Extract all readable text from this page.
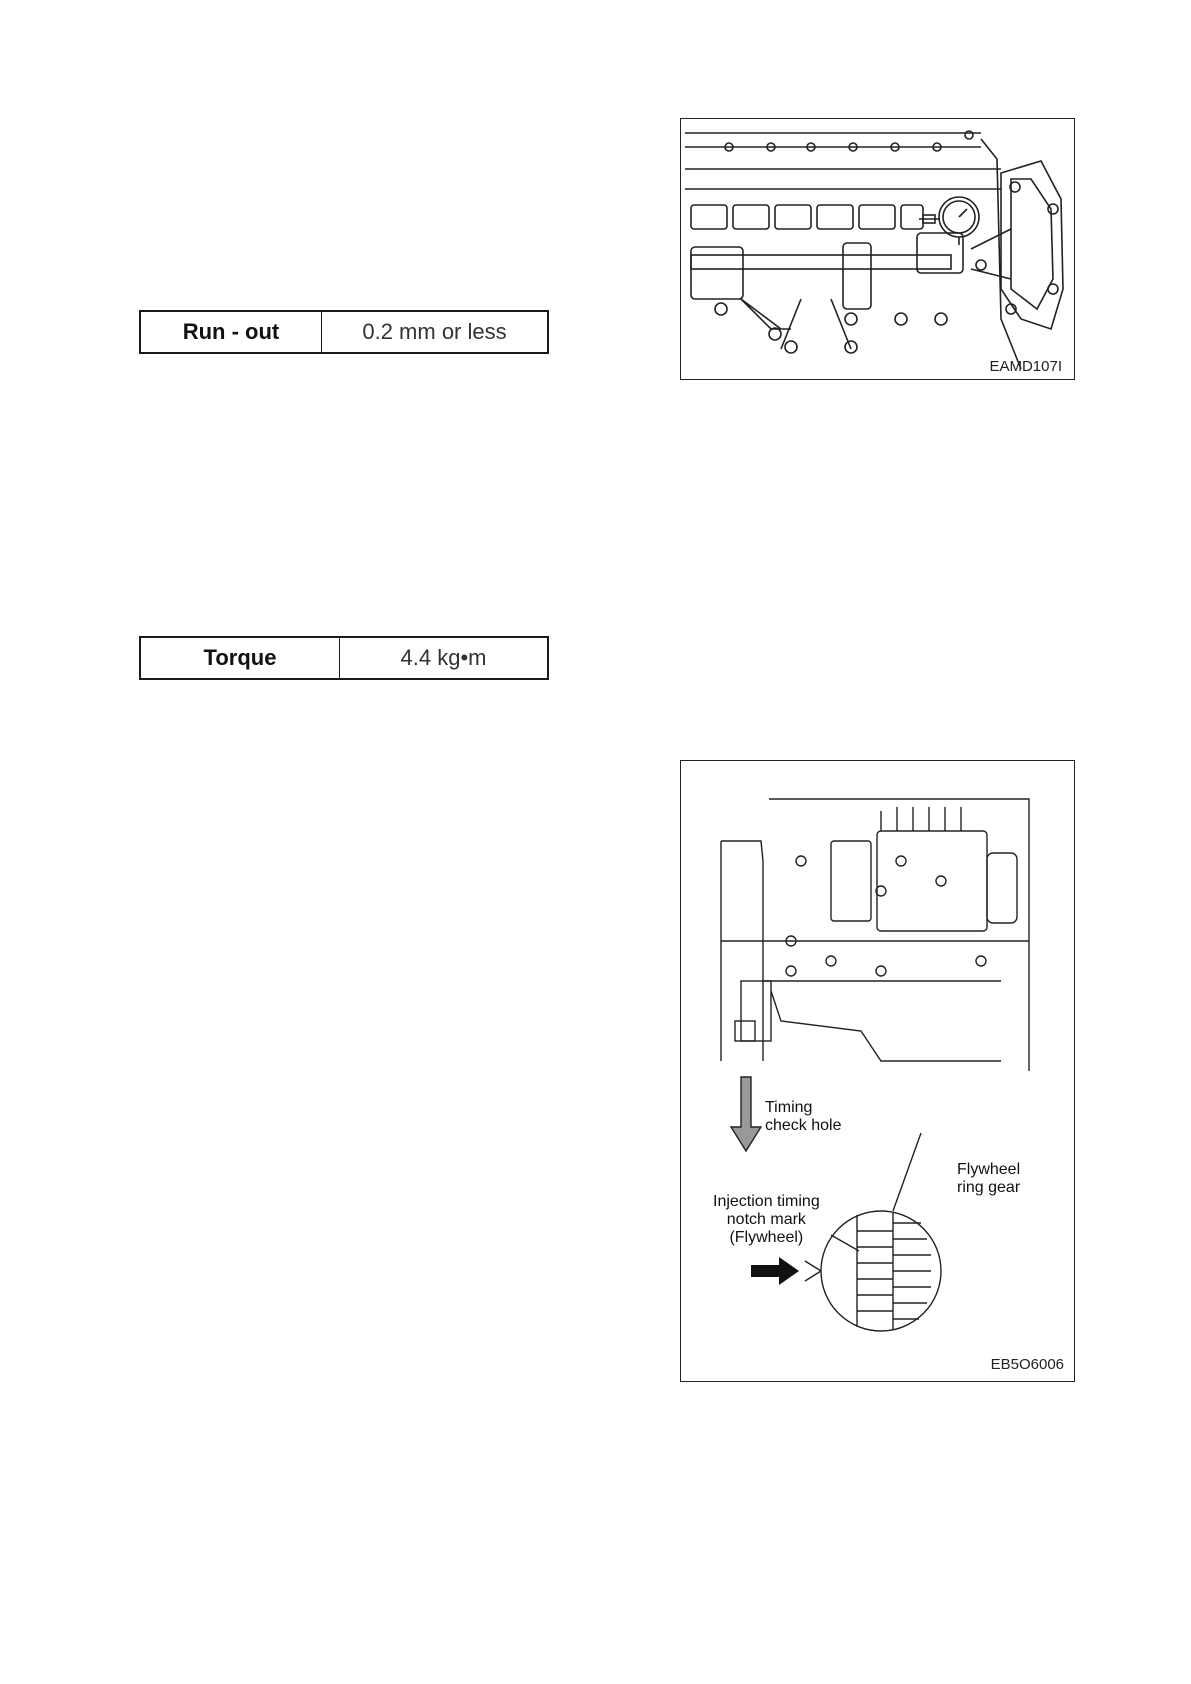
Run - out	0.2 mm or less
Torque	4.4 kg•m
EAMD107I
Timing
check hole
Flywheel
ring gear
Injection timing
notch mark
(Flywheel)
EB5O6006
